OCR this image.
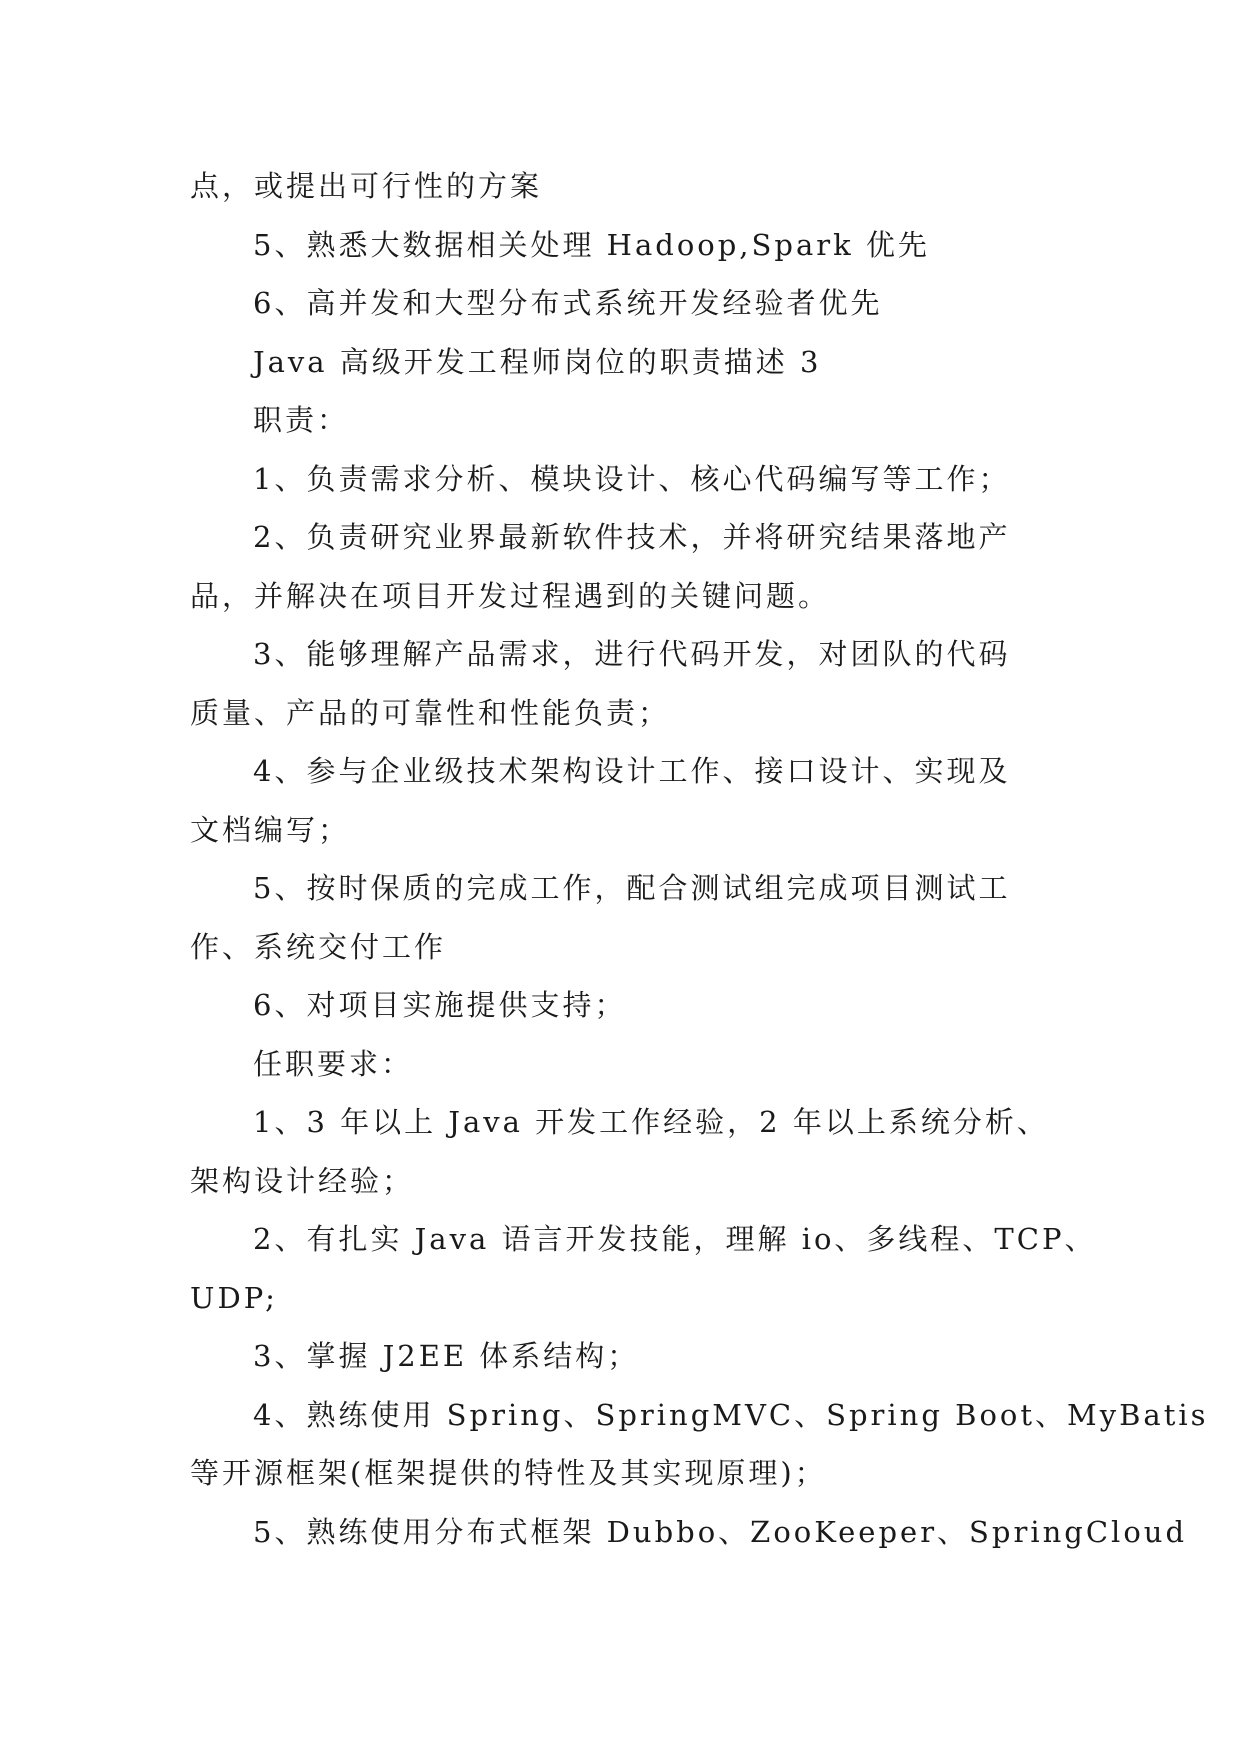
点，或提出可行性的方案

5、熟悉大数据相关处理 Hadoop,Spark 优先

6、高并发和大型分布式系统开发经验者优先

Java 高级开发工程师岗位的职责描述 3

职责：

1、负责需求分析、模块设计、核心代码编写等工作；

2、负责研究业界最新软件技术，并将研究结果落地产

品，并解决在项目开发过程遇到的关键问题。

3、能够理解产品需求，进行代码开发，对团队的代码

质量、产品的可靠性和性能负责；

4、参与企业级技术架构设计工作、接口设计、实现及

文档编写；

5、按时保质的完成工作，配合测试组完成项目测试工

作、系统交付工作

6、对项目实施提供支持；

任职要求：

1、3 年以上 Java 开发工作经验，2 年以上系统分析、

架构设计经验；

2、有扎实 Java 语言开发技能，理解 io、多线程、TCP、

UDP;

3、掌握 J2EE 体系结构；

4、熟练使用 Spring、SpringMVC、Spring Boot、MyBatis

等开源框架(框架提供的特性及其实现原理)；

5、熟练使用分布式框架 Dubbo、ZooKeeper、SpringCloud
